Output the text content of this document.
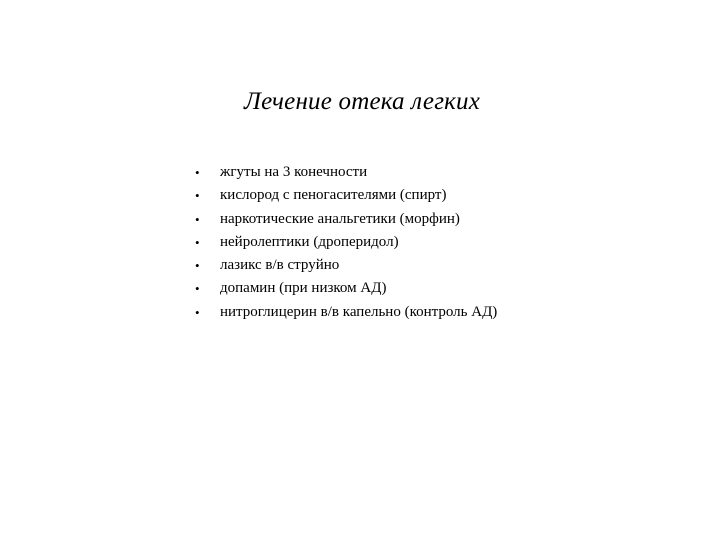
Лечение отека легких
•	жгуты на 3 конечности
•	кислород с пеногасителями (спирт)
•	наркотические анальгетики (морфин)
•	нейролептики (дроперидол)
•	лазикс в/в струйно
•	допамин (при низком АД)
•	нитроглицерин в/в капельно (контроль АД)
